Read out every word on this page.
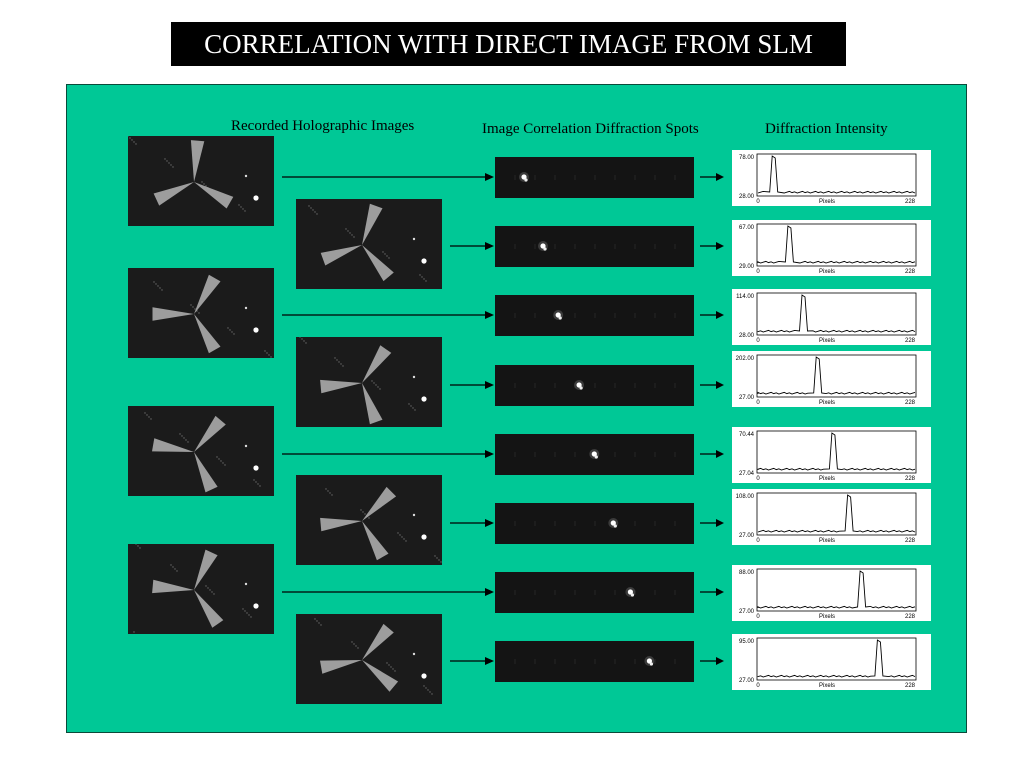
CORRELATION WITH DIRECT IMAGE FROM SLM
Recorded Holographic Images	Image Correlation Diffraction Spots	Diffraction Intensity
78.00
28.00
0	Pixels	228
67.00
29.00
0	Pixels	228
114.00
28.00
0	Pixels	228
202.00
27.00
0	Pixels	228
70.44
27.04
0	Pixels	228
108.00
27.00
0	Pixels	228
88.00
27.00
0	Pixels	228
95.00
27.00
0	Pixels	228
